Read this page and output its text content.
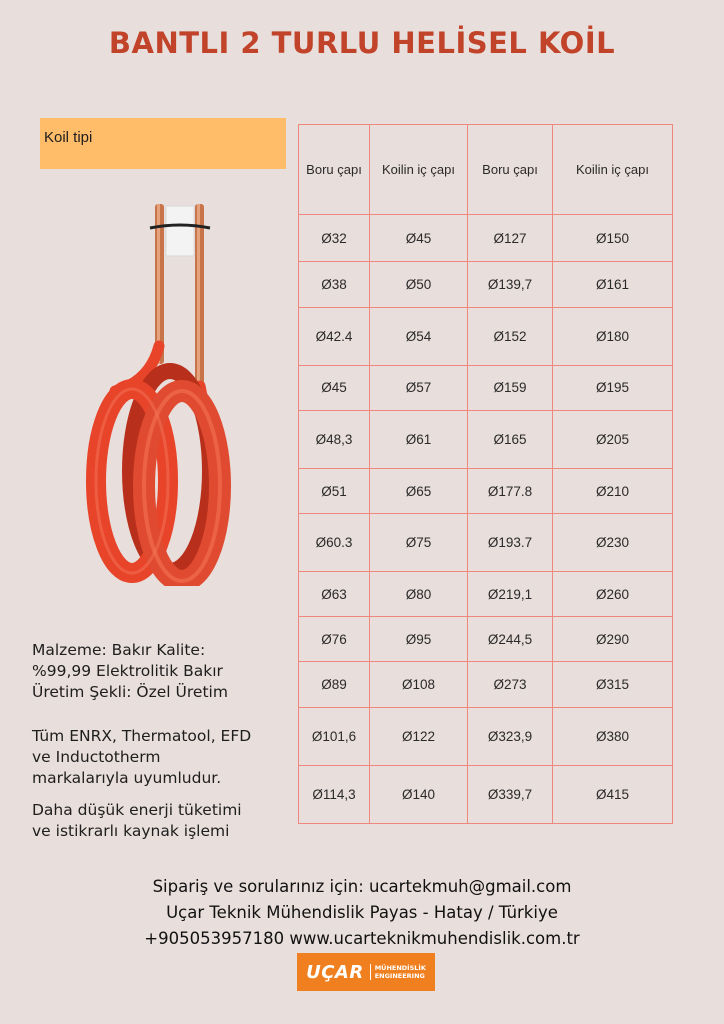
BANTLI 2 TURLU HELİSEL KOİL
Koil tipi
Malzeme: Bakır Kalite:
%99,99 Elektrolitik Bakır
Üretim Şekli: Özel Üretim
Tüm ENRX, Thermatool, EFD
ve Inductotherm
markalarıyla uyumludur.
Daha düşük enerji tüketimi
ve istikrarlı kaynak işlemi
Boru çapı	Koilin iç çapı	Boru çapı	Koilin iç çapı
Ø32	Ø45	Ø127	Ø150
Ø38	Ø50	Ø139,7	Ø161
Ø42.4	Ø54	Ø152	Ø180
Ø45	Ø57	Ø159	Ø195
Ø48,3	Ø61	Ø165	Ø205
Ø51	Ø65	Ø177.8	Ø210
Ø60.3	Ø75	Ø193.7	Ø230
Ø63	Ø80	Ø219,1	Ø260
Ø76	Ø95	Ø244,5	Ø290
Ø89	Ø108	Ø273	Ø315
Ø101,6	Ø122	Ø323,9	Ø380
Ø114,3	Ø140	Ø339,7	Ø415
Sipariş ve sorularınız için: ucartekmuh@gmail.com
Uçar Teknik Mühendislik Payas - Hatay / Türkiye
+905053957180 www.ucarteknikmuhendislik.com.tr
UÇAR	MÜHENDİSLİK
ENGINEERING
